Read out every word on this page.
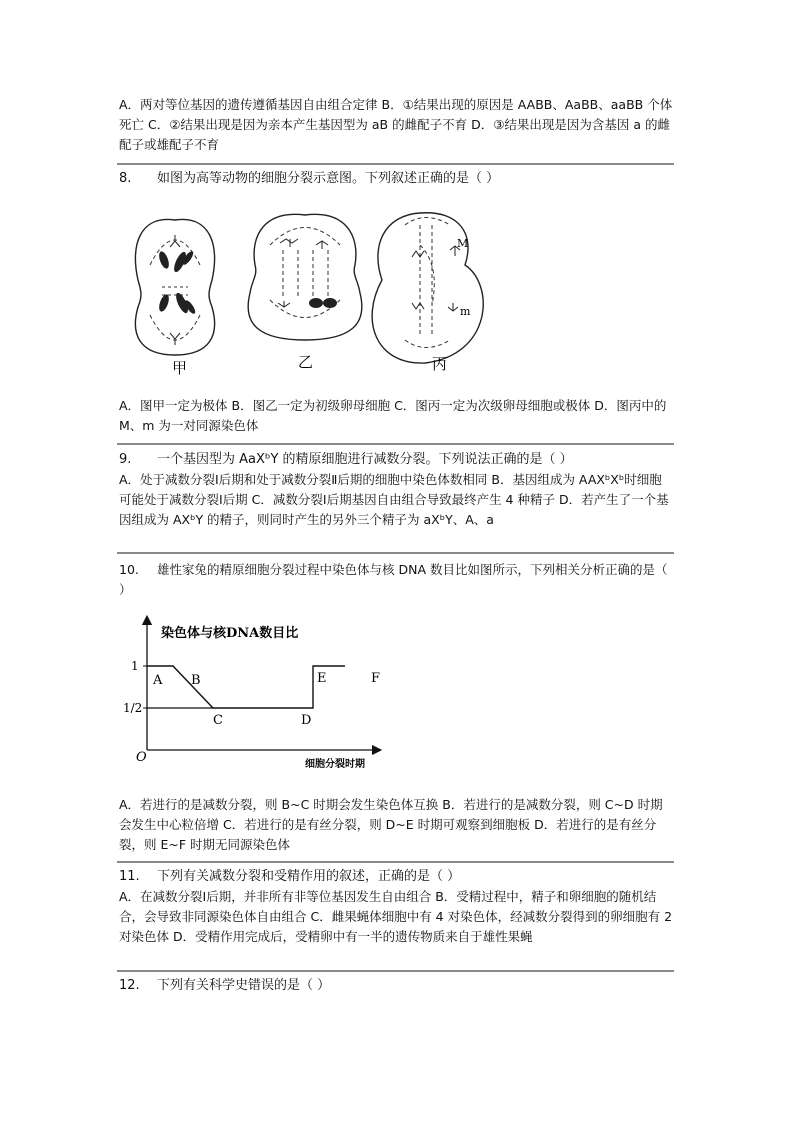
A．两对等位基因的遗传遵循基因自由组合定律 B．①结果出现的原因是 AABB、AaBB、aaBB 个体死亡 C．②结果出现是因为亲本产生基因型为 aB 的雌配子不育 D．③结果出现是因为含基因 a 的雌配子或雄配子不育
8. 如图为高等动物的细胞分裂示意图。下列叙述正确的是（ ）
甲	乙
M
m
丙
A．图甲一定为极体 B．图乙一定为初级卵母细胞 C．图丙一定为次级卵母细胞或极体 D．图丙中的 M、m 为一对同源染色体
9. 一个基因型为 AaXᵇY 的精原细胞进行减数分裂。下列说法正确的是（ ）
A．处于减数分裂Ⅰ后期和处于减数分裂Ⅱ后期的细胞中染色体数相同 B．基因组成为 AAXᵇXᵇ时细胞可能处于减数分裂Ⅰ后期 C．减数分裂Ⅰ后期基因自由组合导致最终产生 4 种精子 D．若产生了一个基因组成为 AXᵇY 的精子，则同时产生的另外三个精子为 aXᵇY、A、a
10. 雄性家兔的精原细胞分裂过程中染色体与核 DNA 数目比如图所示，下列相关分析正确的是（ ）
染色体与核DNA数目比
O	细胞分裂时期
1
1/2
A B
C	D
E	F
A．若进行的是减数分裂，则 B~C 时期会发生染色体互换 B．若进行的是减数分裂，则 C~D 时期会发生中心粒倍增 C．若进行的是有丝分裂，则 D~E 时期可观察到细胞板 D．若进行的是有丝分裂，则 E~F 时期无同源染色体
11. 下列有关减数分裂和受精作用的叙述，正确的是（ ）
A．在减数分裂Ⅰ后期，并非所有非等位基因发生自由组合 B．受精过程中，精子和卵细胞的随机结合，会导致非同源染色体自由组合 C．雌果蝇体细胞中有 4 对染色体，经减数分裂得到的卵细胞有 2 对染色体 D．受精作用完成后，受精卵中有一半的遗传物质来自于雄性果蝇
12. 下列有关科学史错误的是（ ）
